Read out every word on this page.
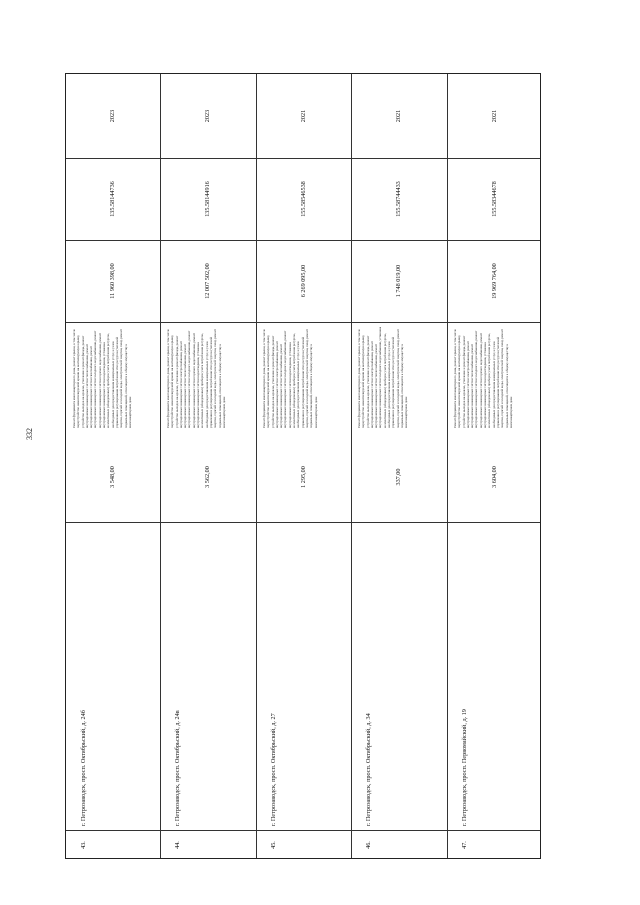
332
43.
г. Петрозаводск, просп. Октябрьский, д. 24б
3 548,00
Ремонт фундамента многоквартирного дома, ремонт крыши, в том числе переустройство невентилируемой крыши на вентилируемую крышу, устройство выходов на кровлю, утепление и ремонт фасада, ремонт внутридомовых инженерных систем теплоснабжения, ремонт внутридомовых инженерных систем газоснабжения, ремонт внутридомовых инженерных систем холодного водоснабжения, ремонт внутридомовых инженерных систем горячего водоснабжения, ремонт внутридомовых инженерных систем водоотведения, установка коллективных (общедомовых) приборов учета потребления ресурсов, необходимых для предоставления коммунальных услуг, и узлов управления и регулирования потребления этих ресурсов (тепловой энергии, горячей и холодной воды, электрической энергии, газа), ремонт подвальных помещений, относящихся к общему имуществу в многоквартирном доме
11 960 398,00
135.58144736
2023
44.
г. Петрозаводск, просп. Октябрьский, д. 24в
3 562,00
Ремонт фундамента многоквартирного дома, ремонт крыши, в том числе переустройство невентилируемой крыши на вентилируемую крышу, устройство выходов на кровлю, утепление и ремонт фасада, ремонт внутридомовых инженерных систем электроснабжения, ремонт внутридомовых инженерных систем теплоснабжения, ремонт внутридомовых инженерных систем холодного водоснабжения, ремонт внутридомовых инженерных систем горячего водоснабжения, ремонт внутридомовых инженерных систем водоотведения, установка коллективных (общедомовых) приборов учета потребления ресурсов, необходимых для предоставления коммунальных услуг, и узлов управления и регулирования потребления этих ресурсов (тепловой энергии, горячей и холодной воды, электрической энергии, газа), ремонт подвальных помещений, относящихся к общему имуществу в многоквартирном доме
12 007 502,00
135.58144916
2023
45.
г. Петрозаводск, просп. Октябрьский, д. 27
1 295,00
Ремонт фундамента многоквартирного дома, ремонт крыши, в том числе переустройство невентилируемой крыши на вентилируемую крышу, устройство выходов на кровлю, утепление и ремонт фасада, ремонт внутридомовых инженерных систем электроснабжения, ремонт внутридомовых инженерных систем теплоснабжения, ремонт внутридомовых инженерных систем холодного водоснабжения, ремонт внутридомовых инженерных систем водоотведения, установка коллективных (общедомовых) приборов учета потребления ресурсов, необходимых для предоставления коммунальных услуг, и узлов управления и регулирования потребления этих ресурсов (тепловой энергии, горячей и холодной воды, электрической энергии, газа), ремонт подвальных помещений, относящихся к общему имуществу в многоквартирном доме
6 269 095,00
155.58546538
2021
46.
г. Петрозаводск, просп. Октябрьский, д. 34
337,00
Ремонт фундамента многоквартирного дома, ремонт крыши, в том числе переустройство невентилируемой крыши на вентилируемую крышу, устройство выходов на кровлю, утепление и ремонт фасада, ремонт внутридомовых инженерных систем электроснабжения, ремонт внутридомовых инженерных систем теплоснабжения, ремонт внутридомовых инженерных систем холодного водоснабжения, установка коллективных (общедомовых) приборов учета потребления ресурсов, необходимых для предоставления коммунальных услуг, и узлов управления и регулирования потребления этих ресурсов (тепловой энергии, горячей и холодной воды, электрической энергии, газа), ремонт подвальных помещений, относящихся к общему имуществу в многоквартирном доме
1 748 019,00
155.58744433
2021
47.
г. Петрозаводск, просп. Первомайский, д. 19
3 604,00
Ремонт фундамента многоквартирного дома, ремонт крыши, в том числе переустройство невентилируемой крыши на вентилируемую крышу, устройство выходов на кровлю, утепление и ремонт фасада, ремонт внутридомовых инженерных систем электроснабжения, ремонт внутридомовых инженерных систем теплоснабжения, ремонт внутридомовых инженерных систем холодного водоснабжения, ремонт внутридомовых инженерных систем горячего водоснабжения, ремонт внутридомовых инженерных систем водоотведения, установка коллективных (общедомовых) приборов учета потребления ресурсов, необходимых для предоставления коммунальных услуг, и узлов управления и регулирования потребления этих ресурсов (тепловой энергии, горячей и холодной воды, электрической энергии, газа), ремонт подвальных помещений, относящихся к общему имуществу в многоквартирном доме
19 969 764,00
155.58344678
2021
